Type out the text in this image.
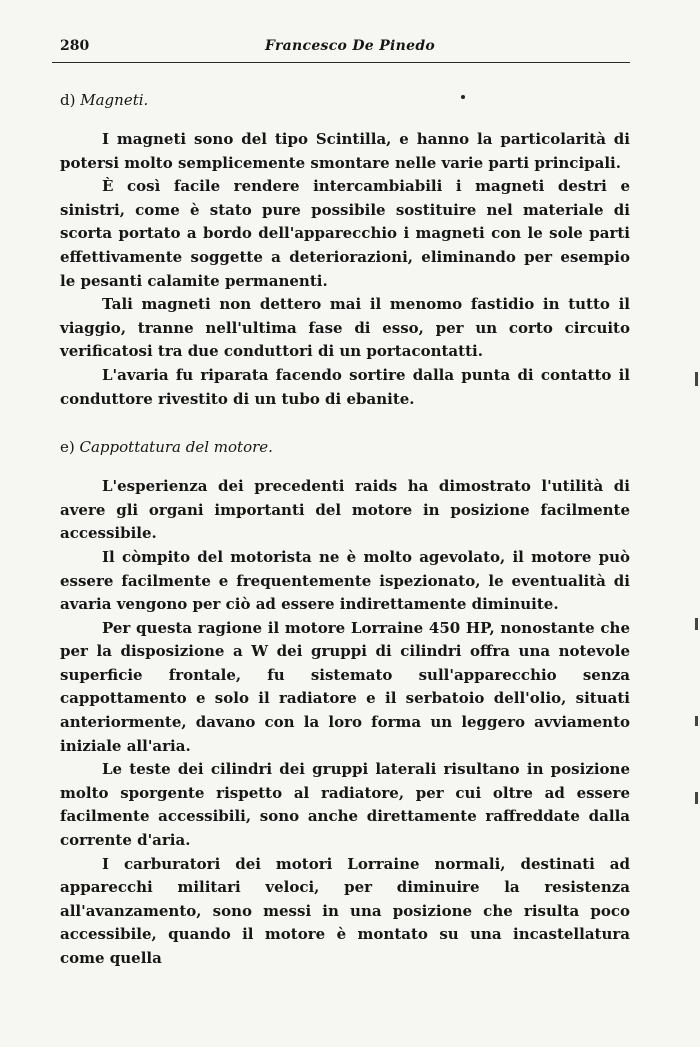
280	Francesco De Pinedo
d) Magneti.

I magneti sono del tipo Scintilla, e hanno la particolarità di potersi molto semplicemente smontare nelle varie parti principali.

È così facile rendere intercambiabili i magneti destri e sinistri, come è stato pure possibile sostituire nel materiale di scorta portato a bordo dell'apparecchio i magneti con le sole parti effettivamente soggette a deteriorazioni, eliminando per esempio le pesanti calamite permanenti.

Tali magneti non dettero mai il menomo fastidio in tutto il viaggio, tranne nell'ultima fase di esso, per un corto circuito verificatosi tra due conduttori di un portacontatti.

L'avaria fu riparata facendo sortire dalla punta di contatto il conduttore rivestito di un tubo di ebanite.

e) Cappottatura del motore.

L'esperienza dei precedenti raids ha dimostrato l'utilità di avere gli organi importanti del motore in posizione facilmente accessibile.

Il còmpito del motorista ne è molto agevolato, il motore può essere facilmente e frequentemente ispezionato, le eventualità di avaria vengono per ciò ad essere indirettamente diminuite.

Per questa ragione il motore Lorraine 450 HP, nonostante che per la disposizione a W dei gruppi di cilindri offra una notevole superficie frontale, fu sistemato sull'apparecchio senza cappottamento e solo il radiatore e il serbatoio dell'olio, situati anteriormente, davano con la loro forma un leggero avviamento iniziale all'aria.

Le teste dei cilindri dei gruppi laterali risultano in posizione molto sporgente rispetto al radiatore, per cui oltre ad essere facilmente accessibili, sono anche direttamente raffreddate dalla corrente d'aria.

I carburatori dei motori Lorraine normali, destinati ad apparecchi militari veloci, per diminuire la resistenza all'avanzamento, sono messi in una posizione che risulta poco accessibile, quando il motore è montato su una incastellatura come quella
